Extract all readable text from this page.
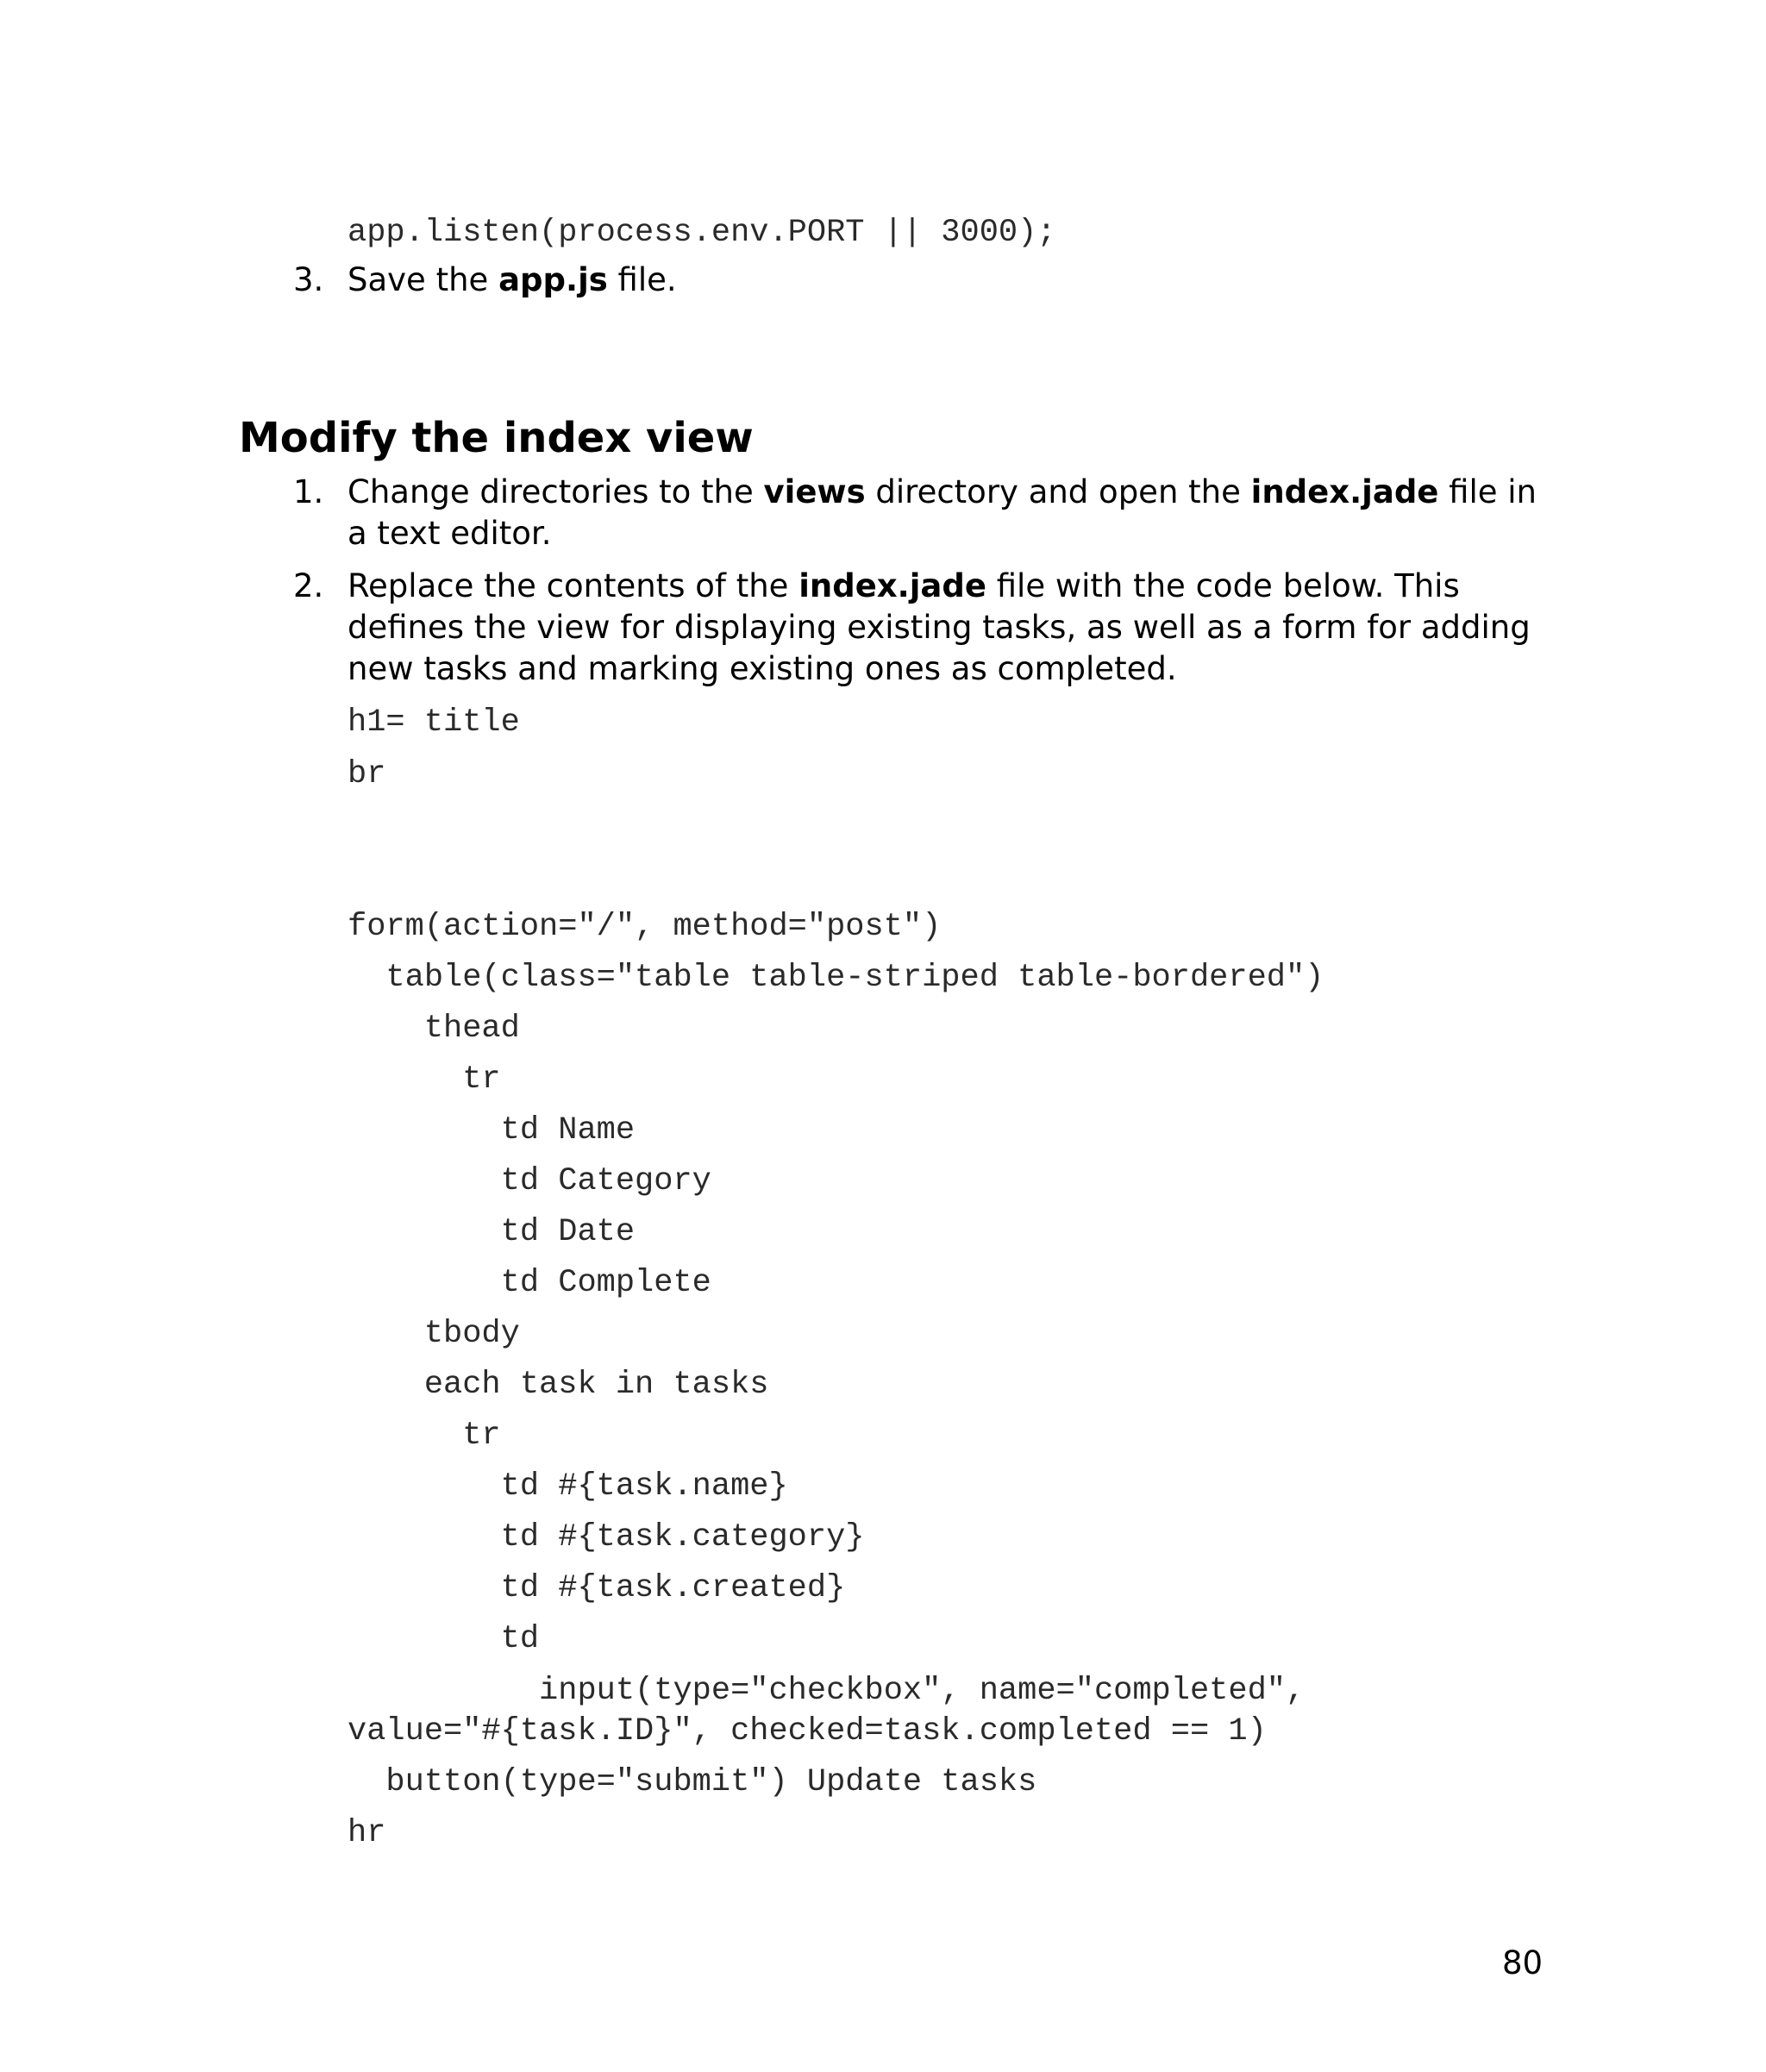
app.listen(process.env.PORT || 3000);
3. Save the app.js file.
Modify the index view
1. Change directories to the views directory and open the index.jade file in a text editor.
2. Replace the contents of the index.jade file with the code below. This defines the view for displaying existing tasks, as well as a form for adding new tasks and marking existing ones as completed.
h1= title
br
form(action="/", method="post")
table(class="table table-striped table-bordered")
thead
tr
td Name
td Category
td Date
td Complete
tbody
each task in tasks
tr
td #{task.name}
td #{task.category}
td #{task.created}
td
input(type="checkbox", name="completed",
value="#{task.ID}", checked=task.completed == 1)
button(type="submit") Update tasks
hr
80
